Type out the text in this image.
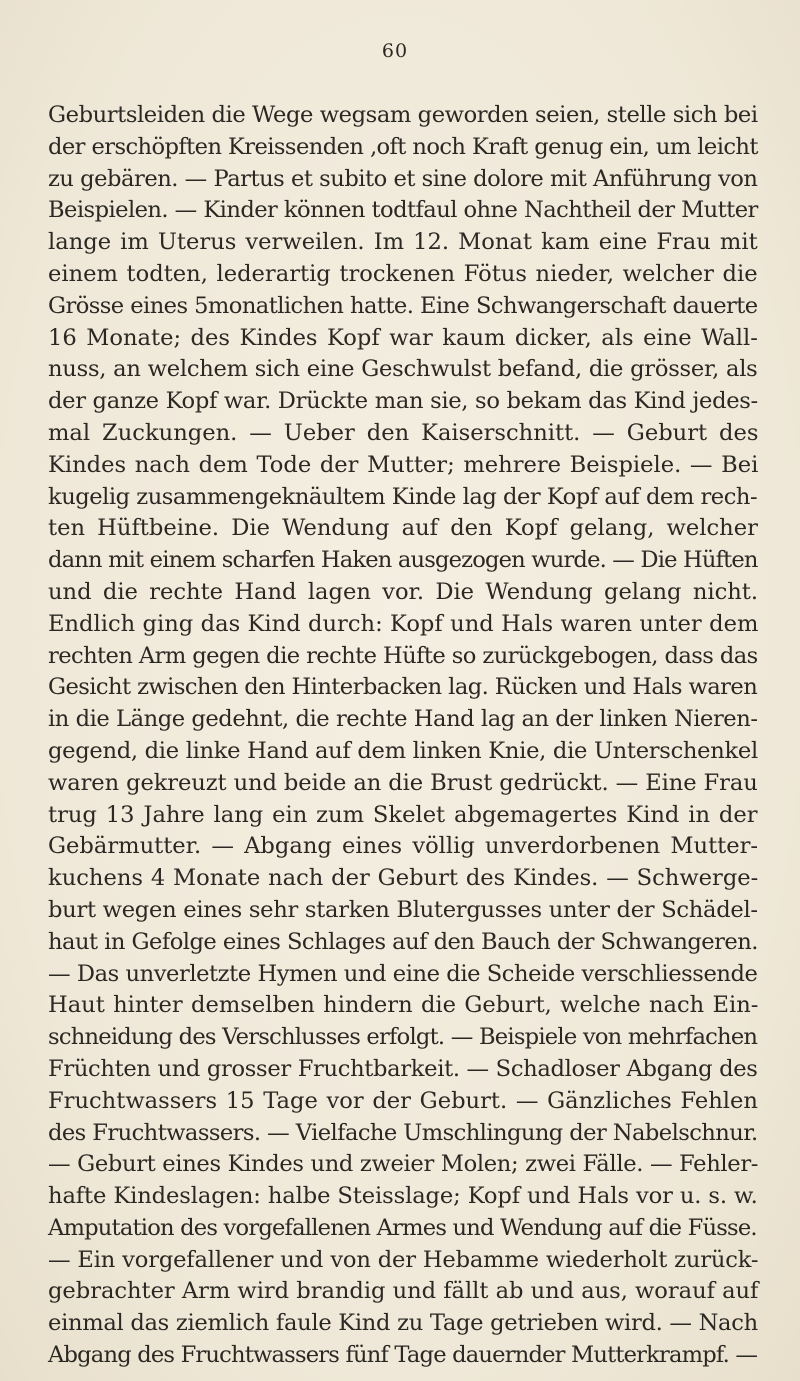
60
Geburtsleiden die Wege wegsam geworden seien, stelle sich bei
der erschöpften Kreissenden ‚oft noch Kraft genug ein, um leicht
zu gebären. — Partus et subito et sine dolore mit Anführung von
Beispielen. — Kinder können todtfaul ohne Nachtheil der Mutter
lange im Uterus verweilen. Im 12. Monat kam eine Frau mit
einem todten, lederartig trockenen Fötus nieder, welcher die
Grösse eines 5monatlichen hatte. Eine Schwangerschaft dauerte
16 Monate; des Kindes Kopf war kaum dicker, als eine Wall-
nuss, an welchem sich eine Geschwulst befand, die grösser, als
der ganze Kopf war. Drückte man sie, so bekam das Kind jedes-
mal Zuckungen. — Ueber den Kaiserschnitt. — Geburt des
Kindes nach dem Tode der Mutter; mehrere Beispiele. — Bei
kugelig zusammengeknäultem Kinde lag der Kopf auf dem rech-
ten Hüftbeine. Die Wendung auf den Kopf gelang, welcher
dann mit einem scharfen Haken ausgezogen wurde. — Die Hüften
und die rechte Hand lagen vor. Die Wendung gelang nicht.
Endlich ging das Kind durch: Kopf und Hals waren unter dem
rechten Arm gegen die rechte Hüfte so zurückgebogen, dass das
Gesicht zwischen den Hinterbacken lag. Rücken und Hals waren
in die Länge gedehnt, die rechte Hand lag an der linken Nieren-
gegend, die linke Hand auf dem linken Knie, die Unterschenkel
waren gekreuzt und beide an die Brust gedrückt. — Eine Frau
trug 13 Jahre lang ein zum Skelet abgemagertes Kind in der
Gebärmutter. — Abgang eines völlig unverdorbenen Mutter-
kuchens 4 Monate nach der Geburt des Kindes. — Schwerge-
burt wegen eines sehr starken Blutergusses unter der Schädel-
haut in Gefolge eines Schlages auf den Bauch der Schwangeren.
— Das unverletzte Hymen und eine die Scheide verschliessende
Haut hinter demselben hindern die Geburt, welche nach Ein-
schneidung des Verschlusses erfolgt. — Beispiele von mehrfachen
Früchten und grosser Fruchtbarkeit. — Schadloser Abgang des
Fruchtwassers 15 Tage vor der Geburt. — Gänzliches Fehlen
des Fruchtwassers. — Vielfache Umschlingung der Nabelschnur.
— Geburt eines Kindes und zweier Molen; zwei Fälle. — Fehler-
hafte Kindeslagen: halbe Steisslage; Kopf und Hals vor u. s. w.
Amputation des vorgefallenen Armes und Wendung auf die Füsse.
— Ein vorgefallener und von der Hebamme wiederholt zurück-
gebrachter Arm wird brandig und fällt ab und aus, worauf auf
einmal das ziemlich faule Kind zu Tage getrieben wird. — Nach
Abgang des Fruchtwassers fünf Tage dauernder Mutterkrampf. —
